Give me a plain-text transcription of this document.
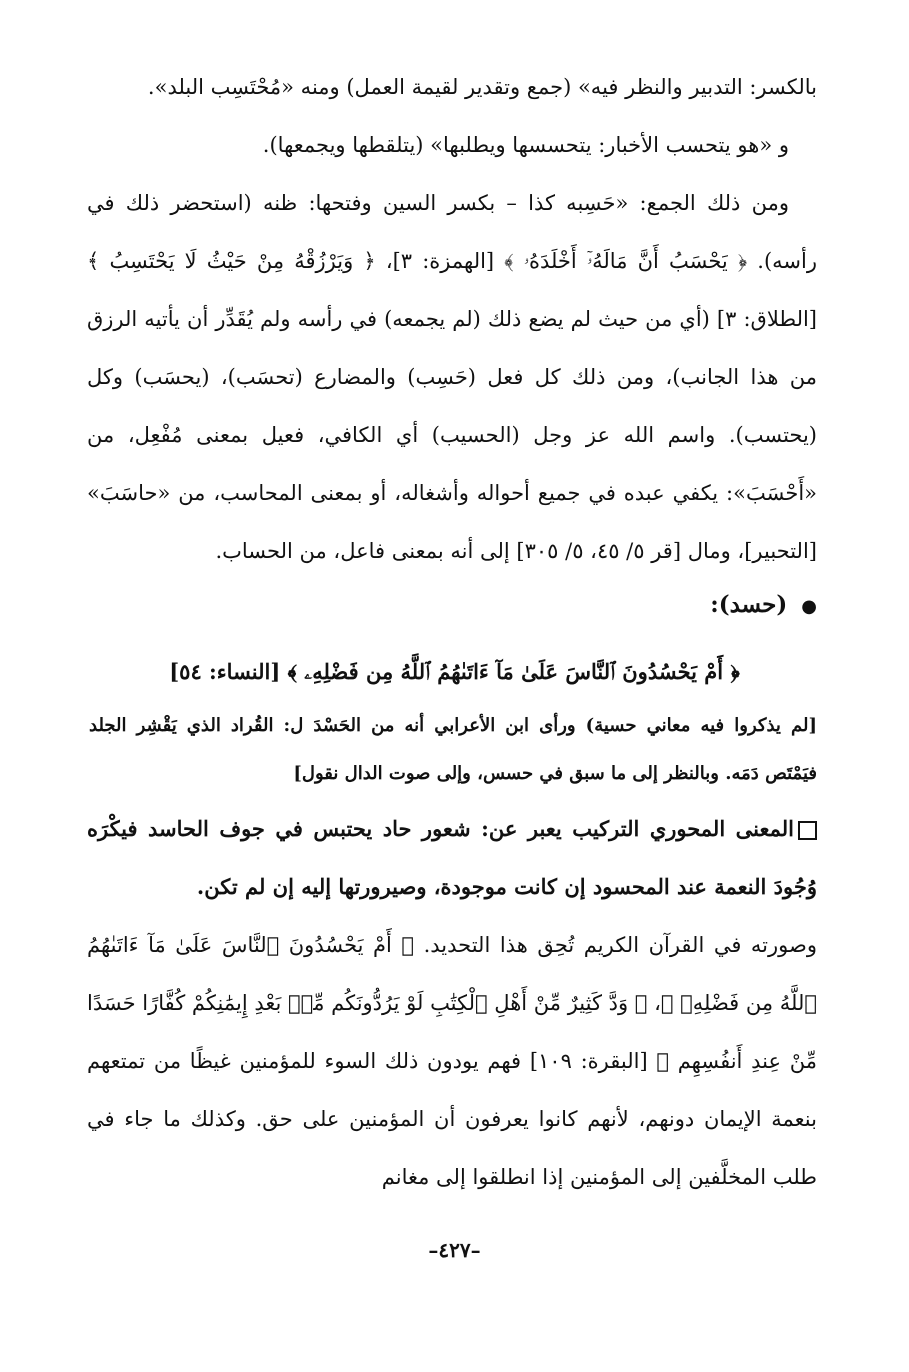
بالكسر: التدبير والنظر فيه» (جمع وتقدير لقيمة العمل) ومنه «مُحْتَسِب البلد».

و «هو يتحسب الأخبار: يتحسسها ويطلبها» (يتلقطها ويجمعها).

ومن ذلك الجمع: «حَسِبه كذا – بكسر السين وفتحها: ظنه (استحضر ذلك في رأسه). ﴿ يَحْسَبُ أَنَّ مَالَهُۥٓ أَخْلَدَهُۥ ﴾ [الهمزة: ٣]، ﴿ وَيَرْزُقْهُ مِنْ حَيْثُ لَا يَحْتَسِبُ ﴾ [الطلاق: ٣] (أي من حيث لم يضع ذلك (لم يجمعه) في رأسه ولم يُقَدِّر أن يأتيه الرزق من هذا الجانب)، ومن ذلك كل فعل (حَسِب) والمضارع (تحسَب)، (يحسَب) وكل (يحتسب). واسم الله عز وجل (الحسيب) أي الكافي، فعيل بمعنى مُفْعِل، من «أَحْسَبَ»: يكفي عبده في جميع أحواله وأشغاله، أو بمعنى المحاسب، من «حاسَبَ» [التحبير]، ومال [قر ٥/ ٤٥، ٥/ ٣٠٥] إلى أنه بمعنى فاعل، من الحساب.

●(حسد):
﴿ أَمْ يَحْسُدُونَ ٱلنَّاسَ عَلَىٰ مَآ ءَاتَىٰهُمُ ٱللَّهُ مِن فَضْلِهِۦ ﴾ [النساء: ٥٤]
[لم يذكروا فيه معاني حسية) ورأى ابن الأعرابي أنه من الحَسْدَ ل: القُراد الذي يَقْشِر الجلد فيَمْتَص دَمَه. وبالنظر إلى ما سبق في حسس، وإلى صوت الدال نقول]

المعنى المحوري التركيب يعبر عن: شعور حاد يحتبس في جوف الحاسد فيكْرَه وُجُودَ النعمة عند المحسود إن كانت موجودة، وصيرورتها إليه إن لم تكن.

وصورته في القرآن الكريم تُحِق هذا التحديد. ﴿ أَمْ يَحْسُدُونَ ٱلنَّاسَ عَلَىٰ مَآ ءَاتَىٰهُمُ ٱللَّهُ مِن فَضْلِهِۦ ﴾، ﴿ وَدَّ كَثِيرٌ مِّنْ أَهْلِ ٱلْكِتَٰبِ لَوْ يَرُدُّونَكُم مِّنۢ بَعْدِ إِيمَٰنِكُمْ كُفَّارًا حَسَدًا مِّنْ عِندِ أَنفُسِهِم ﴾ [البقرة: ١٠٩] فهم يودون ذلك السوء للمؤمنين غيظًا من تمتعهم بنعمة الإيمان دونهم، لأنهم كانوا يعرفون أن المؤمنين على حق. وكذلك ما جاء في طلب المخلَّفين إلى المؤمنين إذا انطلقوا إلى مغانم

–٤٢٧–
